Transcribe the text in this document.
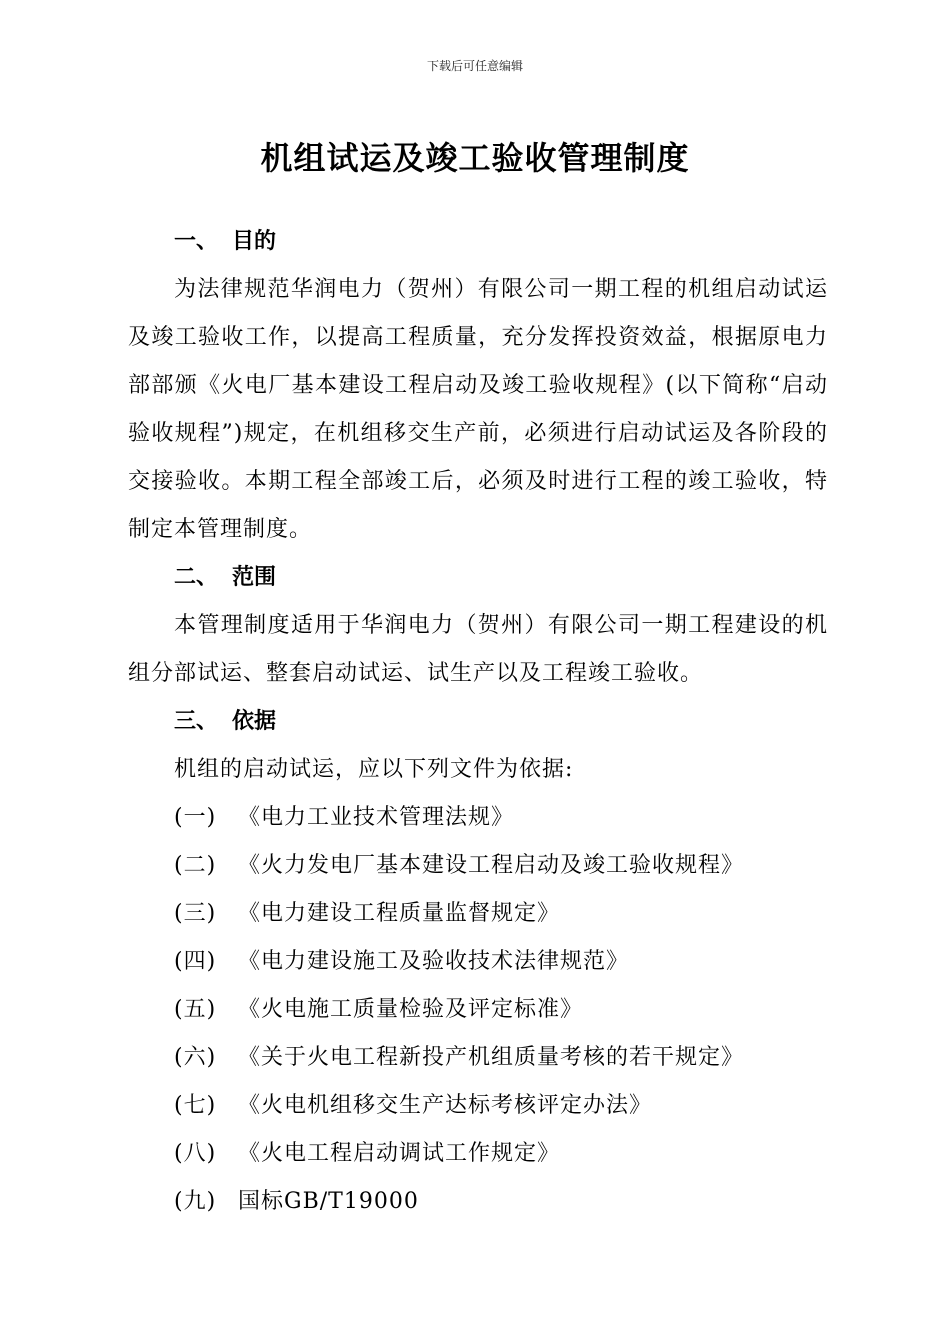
下载后可任意编辑
机组试运及竣工验收管理制度
一、 目的

为法律规范华润电力（贺州）有限公司一期工程的机组启动试运及竣工验收工作，以提高工程质量，充分发挥投资效益，根据原电力部部颁《火电厂基本建设工程启动及竣工验收规程》(以下简称“启动验收规程”)规定，在机组移交生产前，必须进行启动试运及各阶段的交接验收。本期工程全部竣工后，必须及时进行工程的竣工验收，特制定本管理制度。

二、 范围

本管理制度适用于华润电力（贺州）有限公司一期工程建设的机组分部试运、整套启动试运、试生产以及工程竣工验收。

三、 依据
机组的启动试运，应以下列文件为依据:
(一) 《电力工业技术管理法规》
(二) 《火力发电厂基本建设工程启动及竣工验收规程》
(三) 《电力建设工程质量监督规定》
(四) 《电力建设施工及验收技术法律规范》
(五) 《火电施工质量检验及评定标准》
(六) 《关于火电工程新投产机组质量考核的若干规定》
(七) 《火电机组移交生产达标考核评定办法》
(八) 《火电工程启动调试工作规定》
(九) 国标GB/T19000
